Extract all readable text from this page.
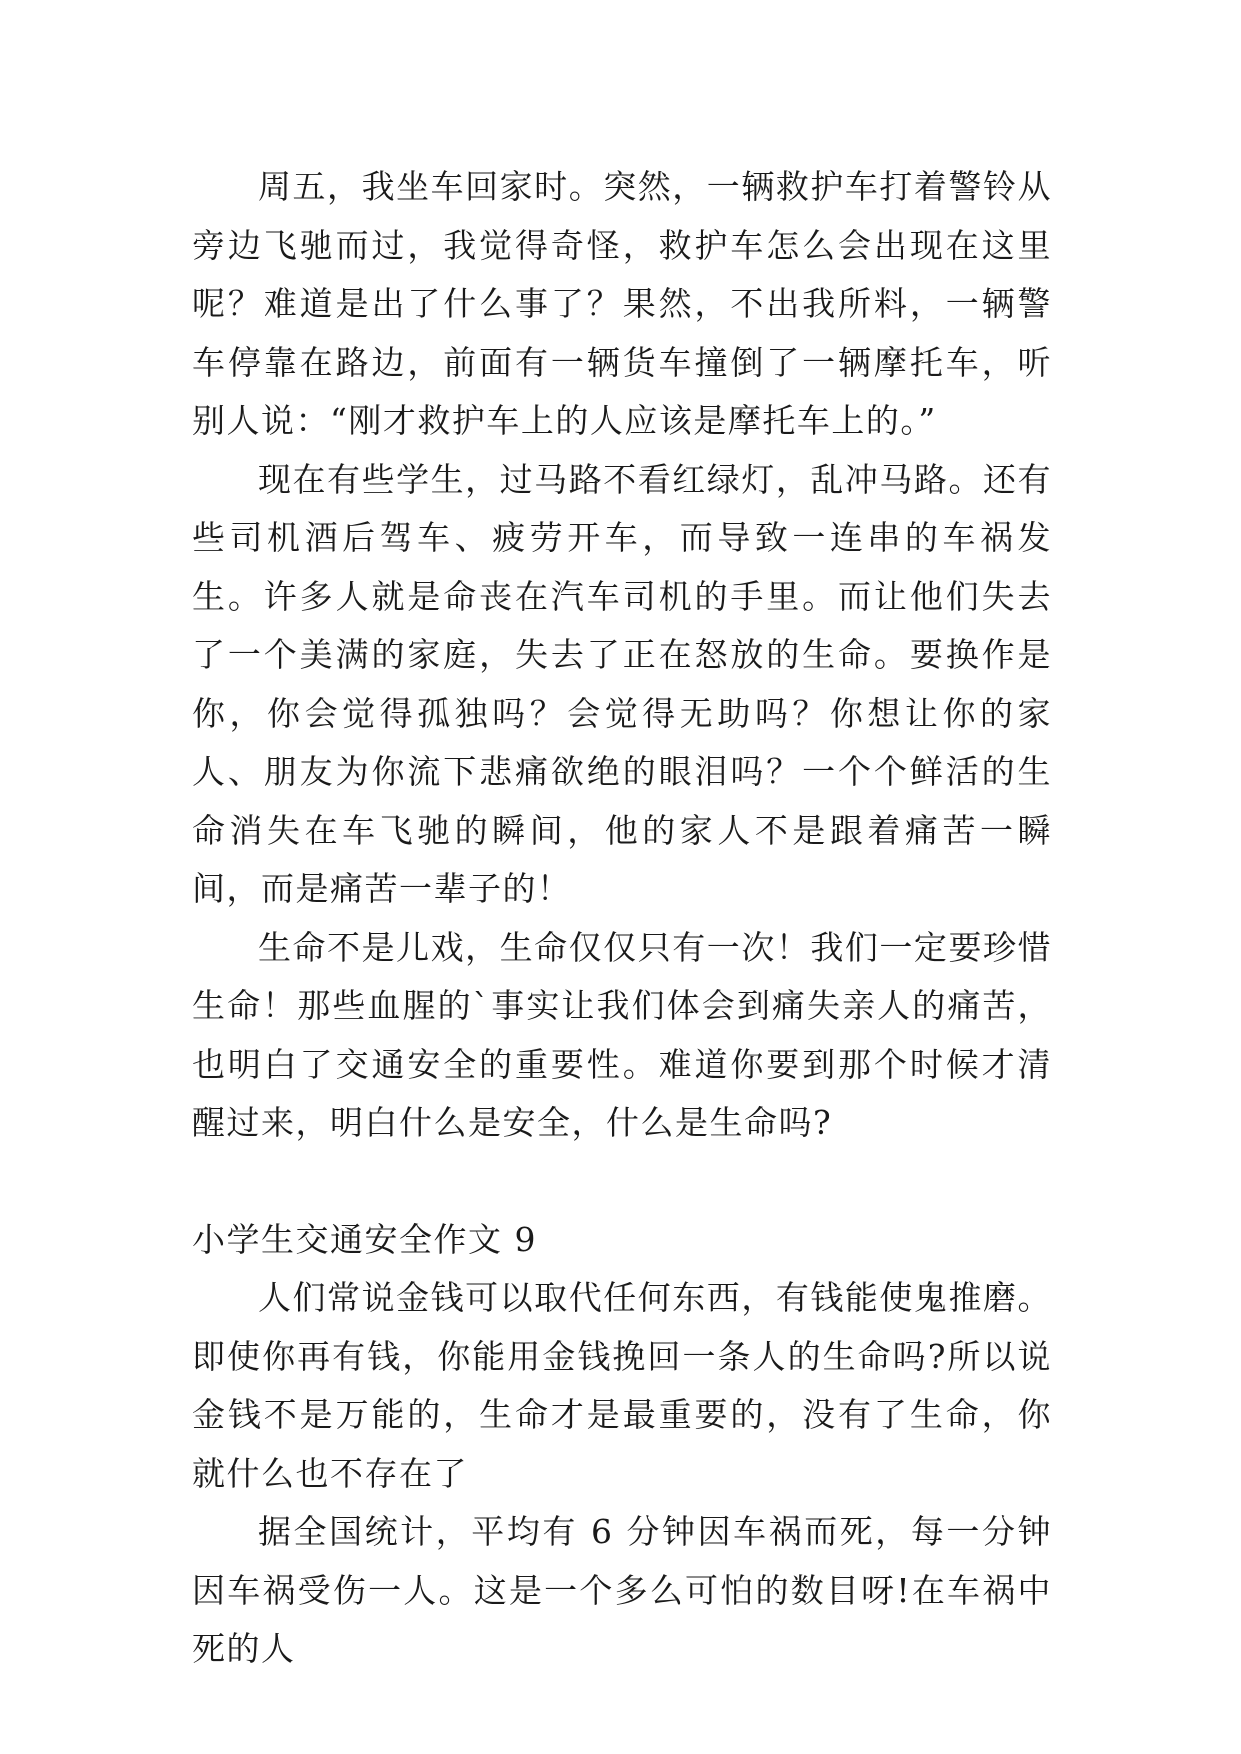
周五，我坐车回家时。突然，一辆救护车打着警铃从旁边飞驰而过，我觉得奇怪，救护车怎么会出现在这里呢？难道是出了什么事了？果然，不出我所料，一辆警车停靠在路边，前面有一辆货车撞倒了一辆摩托车，听别人说：“刚才救护车上的人应该是摩托车上的。”

现在有些学生，过马路不看红绿灯，乱冲马路。还有些司机酒后驾车、疲劳开车，而导致一连串的车祸发生。许多人就是命丧在汽车司机的手里。而让他们失去了一个美满的家庭，失去了正在怒放的生命。要换作是你，你会觉得孤独吗？会觉得无助吗？你想让你的家人、朋友为你流下悲痛欲绝的眼泪吗？一个个鲜活的生命消失在车飞驰的瞬间，他的家人不是跟着痛苦一瞬间，而是痛苦一辈子的！

生命不是儿戏，生命仅仅只有一次！我们一定要珍惜生命！那些血腥的`事实让我们体会到痛失亲人的痛苦，也明白了交通安全的重要性。难道你要到那个时候才清醒过来，明白什么是安全，什么是生命吗?

小学生交通安全作文 9

人们常说金钱可以取代任何东西，有钱能使鬼推磨。即使你再有钱，你能用金钱挽回一条人的生命吗?所以说金钱不是万能的，生命才是最重要的，没有了生命，你就什么也不存在了

据全国统计，平均有 6 分钟因车祸而死，每一分钟因车祸受伤一人。这是一个多么可怕的数目呀!在车祸中死的人
